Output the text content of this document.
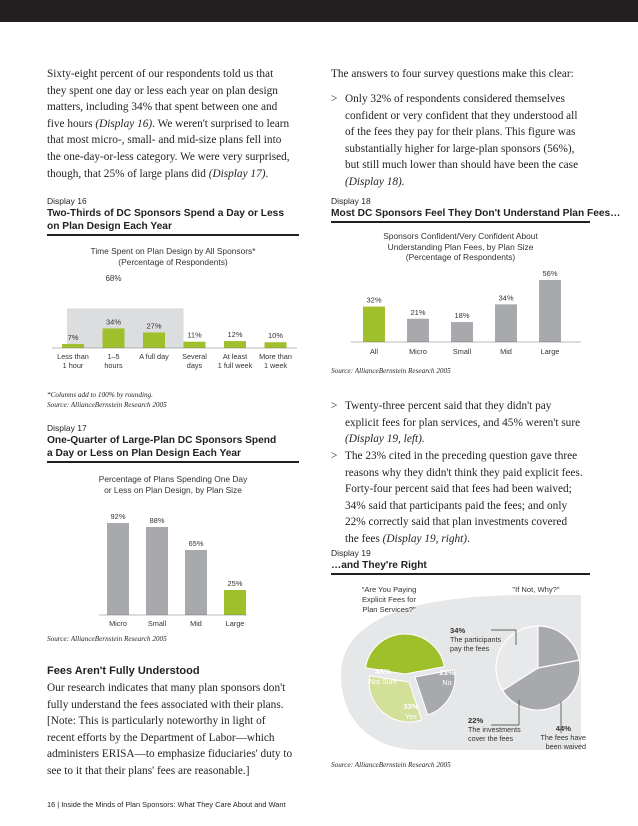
Sixty-eight percent of our respondents told us that
they spent one day or less each year on plan design
matters, including 34% that spent between one and
five hours (Display 16). We weren't surprised to learn
that most micro-, small- and mid-size plans fell into
the one-day-or-less category. We were very surprised,
though, that 25% of large plans did (Display 17).
Display 16
Two-Thirds of DC Sponsors Spend a Day or Less
on Plan Design Each Year
Time Spent on Plan Design by All Sponsors*
(Percentage of Respondents)
68%
7%
34%	27%
11%	12%	10%
Less than
1 hour
1–5
hours
A full day Several
days
At least
1 full week
More than
1 week
*Columns add to 100% by rounding.
Source: AllianceBernstein Research 2005
Display 17
One-Quarter of Large-Plan DC Sponsors Spend
a Day or Less on Plan Design Each Year
Percentage of Plans Spending One Day
or Less on Plan Design, by Plan Size
92%
Micro
88%
Small
65%
Mid
25%
Large
Source: AllianceBernstein Research 2005
Fees Aren't Fully Understood
Our research indicates that many plan sponsors don't
fully understand the fees associated with their plans.
[Note: This is particularly noteworthy in light of
recent efforts by the Department of Labor—which
administers ERISA—to emphasize fiduciaries' duty to
see to it that their plans' fees are reasonable.]
The answers to four survey questions make this clear:
> Only 32% of respondents considered themselves
confident or very confident that they understood all
of the fees they pay for their plans. This figure was
substantially higher for large-plan sponsors (56%),
but still much lower than should have been the case
(Display 18).
Display 18
Most DC Sponsors Feel They Don't Understand Plan Fees…
Sponsors Confident/Very Confident About
Understanding Plan Fees, by Plan Size
(Percentage of Respondents)
32%
All
21%
Micro
18%
Small
34%
Mid
56%
Large
Source: AllianceBernstein Research 2005
> Twenty-three percent said that they didn't pay
explicit fees for plan services, and 45% weren't sure
(Display 19, left).
> The 23% cited in the preceding question gave three
reasons why they didn't think they paid explicit fees.
Forty-four percent said that fees had been waived;
34% said that participants paid the fees; and only
22% correctly said that plan investments covered
the fees (Display 19, right).
Display 19
…and They're Right
"Are You Paying
Explicit Fees for
Plan Services?"
"If Not, Why?"
45%
Not Sure
23%
No
33%
Yes
34%
The participants
pay the fees
22%
The investments
cover the fees
44%
The fees have
been waived
Source: AllianceBernstein Research 2005
16 | Inside the Minds of Plan Sponsors: What They Care About and Want
